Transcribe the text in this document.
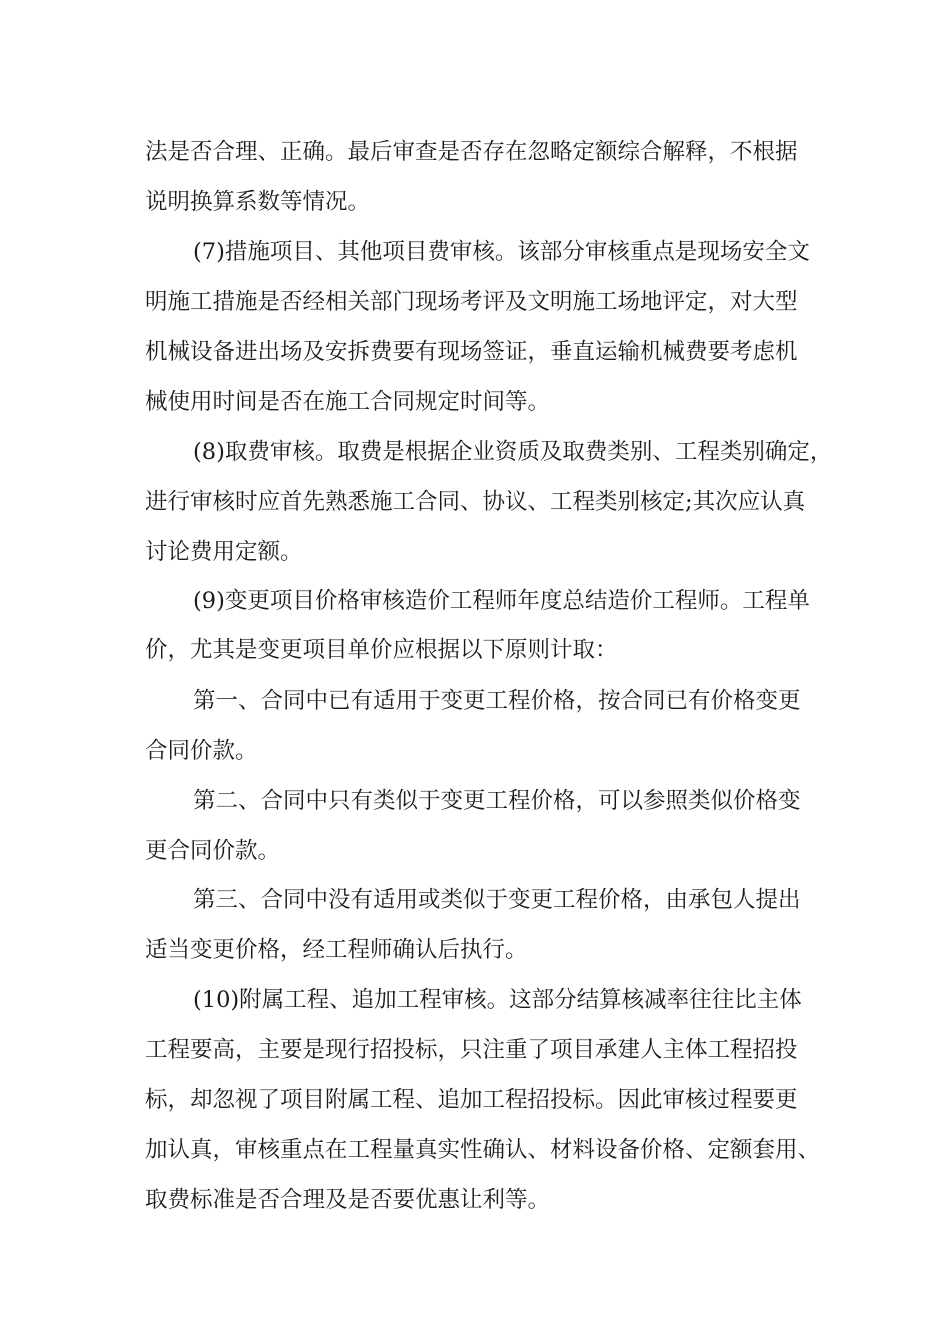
法是否合理、正确。最后审查是否存在忽略定额综合解释，不根据

说明换算系数等情况。

(7)措施项目、其他项目费审核。该部分审核重点是现场安全文

明施工措施是否经相关部门现场考评及文明施工场地评定，对大型

机械设备进出场及安拆费要有现场签证，垂直运输机械费要考虑机

械使用时间是否在施工合同规定时间等。

(8)取费审核。取费是根据企业资质及取费类别、工程类别确定，

进行审核时应首先熟悉施工合同、协议、工程类别核定;其次应认真

讨论费用定额。

(9)变更项目价格审核造价工程师年度总结造价工程师。工程单

价，尤其是变更项目单价应根据以下原则计取：

第一、合同中已有适用于变更工程价格，按合同已有价格变更

合同价款。

第二、合同中只有类似于变更工程价格，可以参照类似价格变

更合同价款。

第三、合同中没有适用或类似于变更工程价格，由承包人提出

适当变更价格，经工程师确认后执行。

(10)附属工程、追加工程审核。这部分结算核减率往往比主体

工程要高，主要是现行招投标，只注重了项目承建人主体工程招投

标，却忽视了项目附属工程、追加工程招投标。因此审核过程要更

加认真，审核重点在工程量真实性确认、材料设备价格、定额套用、

取费标准是否合理及是否要优惠让利等。
